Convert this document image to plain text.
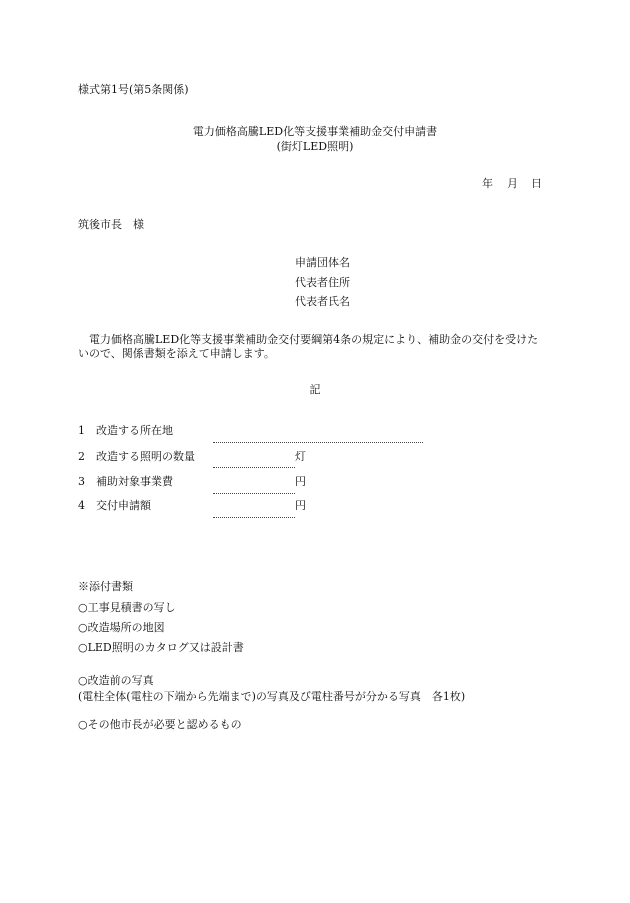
様式第1号(第5条関係)
電力価格高騰LED化等支援事業補助金交付申請書
(街灯LED照明)
年 月 日
筑後市長　様
申請団体名
代表者住所
代表者氏名
電力価格高騰LED化等支援事業補助金交付要綱第4条の規定により、補助金の交付を受けたいので、関係書類を添えて申請します。
記
1 改造する所在地
2 改造する照明の数量	灯
3 補助対象事業費	円
4 交付申請額	円
※添付書類
○工事見積書の写し
○改造場所の地図
○LED照明のカタログ又は設計書
○改造前の写真
(電柱全体(電柱の下端から先端まで)の写真及び電柱番号が分かる写真　各1枚)
○その他市長が必要と認めるもの
